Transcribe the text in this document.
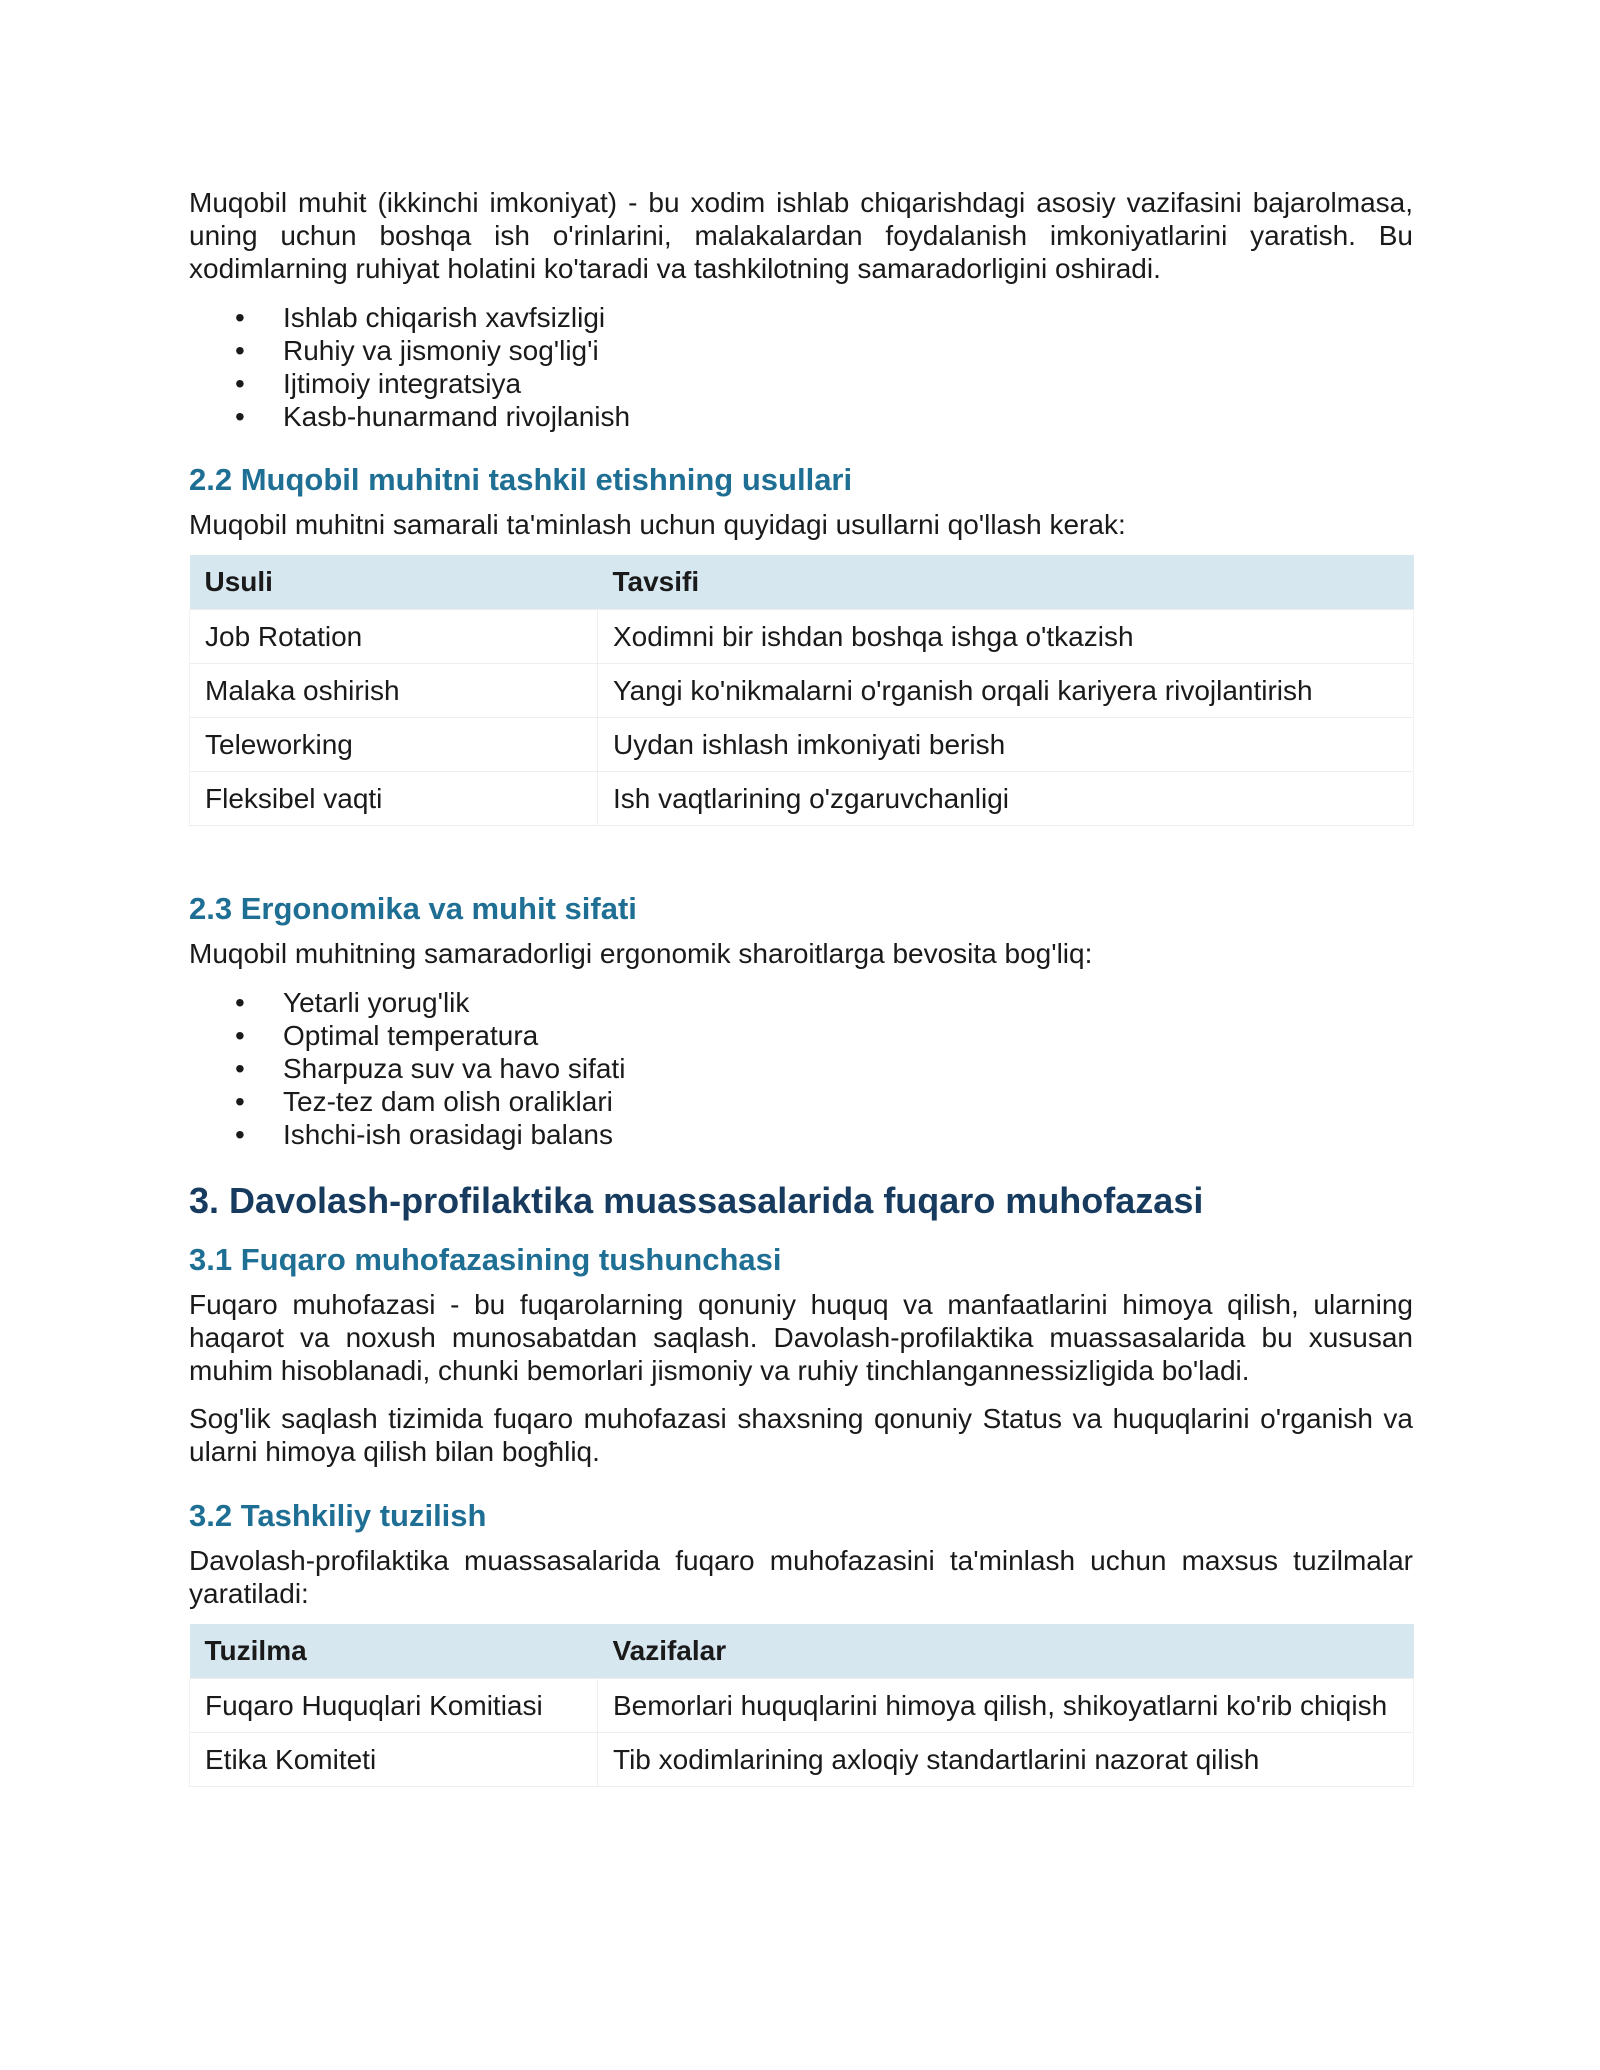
Muqobil muhit (ikkinchi imkoniyat) - bu xodim ishlab chiqarishdagi asosiy vazifasini bajarolmasa, uning uchun boshqa ish o'rinlarini, malakalardan foydalanish imkoniyatlarini yaratish. Bu xodimlarning ruhiyat holatini ko'taradi va tashkilotning samaradorligini oshiradi.

• Ishlab chiqarish xavfsizligi
• Ruhiy va jismoniy sog'lig'i
• Ijtimoiy integratsiya
• Kasb-hunarmand rivojlanish
2.2 Muqobil muhitni tashkil etishning usullari

Muqobil muhitni samarali ta'minlash uchun quyidagi usullarni qo'llash kerak:

Usuli	Tavsifi
Job Rotation	Xodimni bir ishdan boshqa ishga o'tkazish
Malaka oshirish	Yangi ko'nikmalarni o'rganish orqali kariyera rivojlantirish
Teleworking	Uydan ishlash imkoniyati berish
Fleksibel vaqti	Ish vaqtlarining o'zgaruvchanligi
2.3 Ergonomika va muhit sifati

Muqobil muhitning samaradorligi ergonomik sharoitlarga bevosita bog'liq:

• Yetarli yorug'lik
• Optimal temperatura
• Sharpuza suv va havo sifati
• Tez-tez dam olish oraliklari
• Ishchi-ish orasidagi balans
3. Davolash-profilaktika muassasalarida fuqaro muhofazasi
3.1 Fuqaro muhofazasining tushunchasi

Fuqaro muhofazasi - bu fuqarolarning qonuniy huquq va manfaatlarini himoya qilish, ularning haqarot va noxush munosabatdan saqlash. Davolash-profilaktika muassasalarida bu xususan muhim hisoblanadi, chunki bemorlari jismoniy va ruhiy tinchlangannessizligida bo'ladi.

Sog'lik saqlash tizimida fuqaro muhofazasi shaxsning qonuniy Status va huquqlarini o'rganish va ularni himoya qilish bilan bogħliq.

3.2 Tashkiliy tuzilish

Davolash-profilaktika muassasalarida fuqaro muhofazasini ta'minlash uchun maxsus tuzilmalar yaratiladi:

Tuzilma	Vazifalar
Fuqaro Huquqlari Komitiasi	Bemorlari huquqlarini himoya qilish, shikoyatlarni ko'rib chiqish
Etika Komiteti	Tib xodimlarining axloqiy standartlarini nazorat qilish
